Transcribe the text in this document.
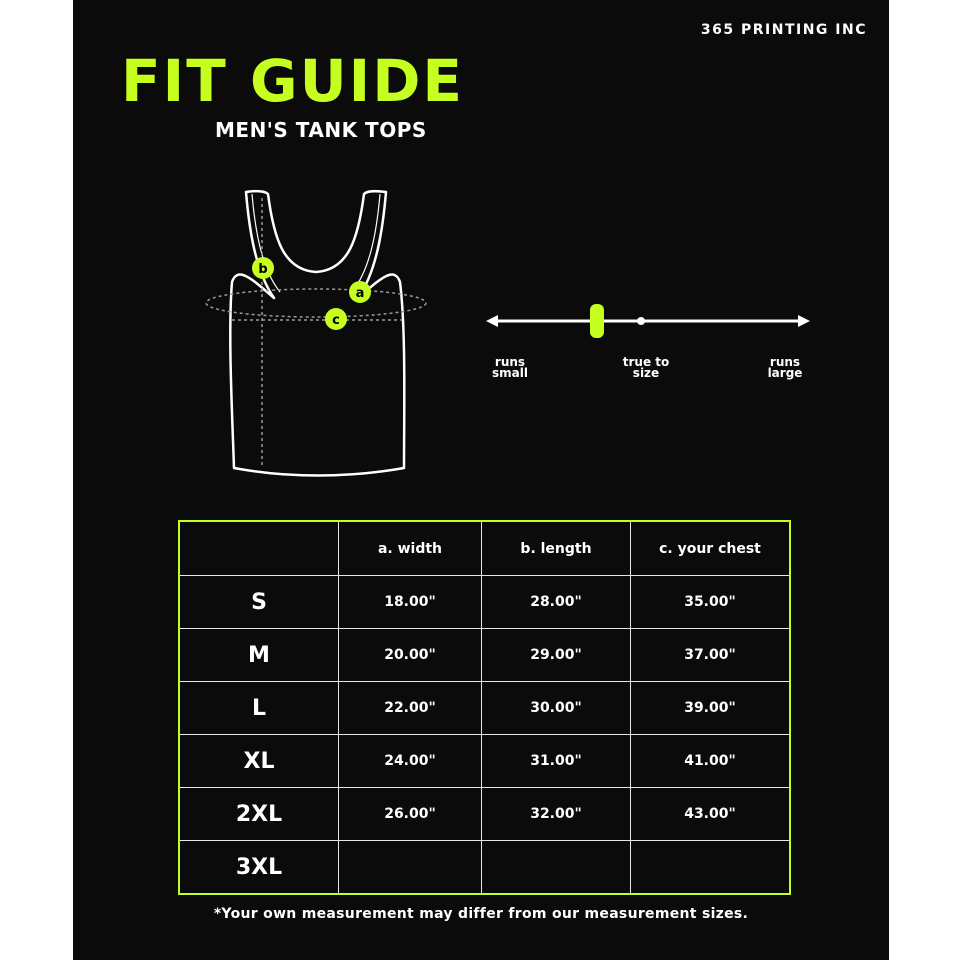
365 PRINTING INC
FIT GUIDE
MEN'S TANK TOPS
b
a
c
runs small
true to size
runs large
	a. width	b. length	c. your chest
S	18.00"	28.00"	35.00"
M	20.00"	29.00"	37.00"
L	22.00"	30.00"	39.00"
XL	24.00"	31.00"	41.00"
2XL	26.00"	32.00"	43.00"
3XL			
*Your own measurement may differ from our measurement sizes.
